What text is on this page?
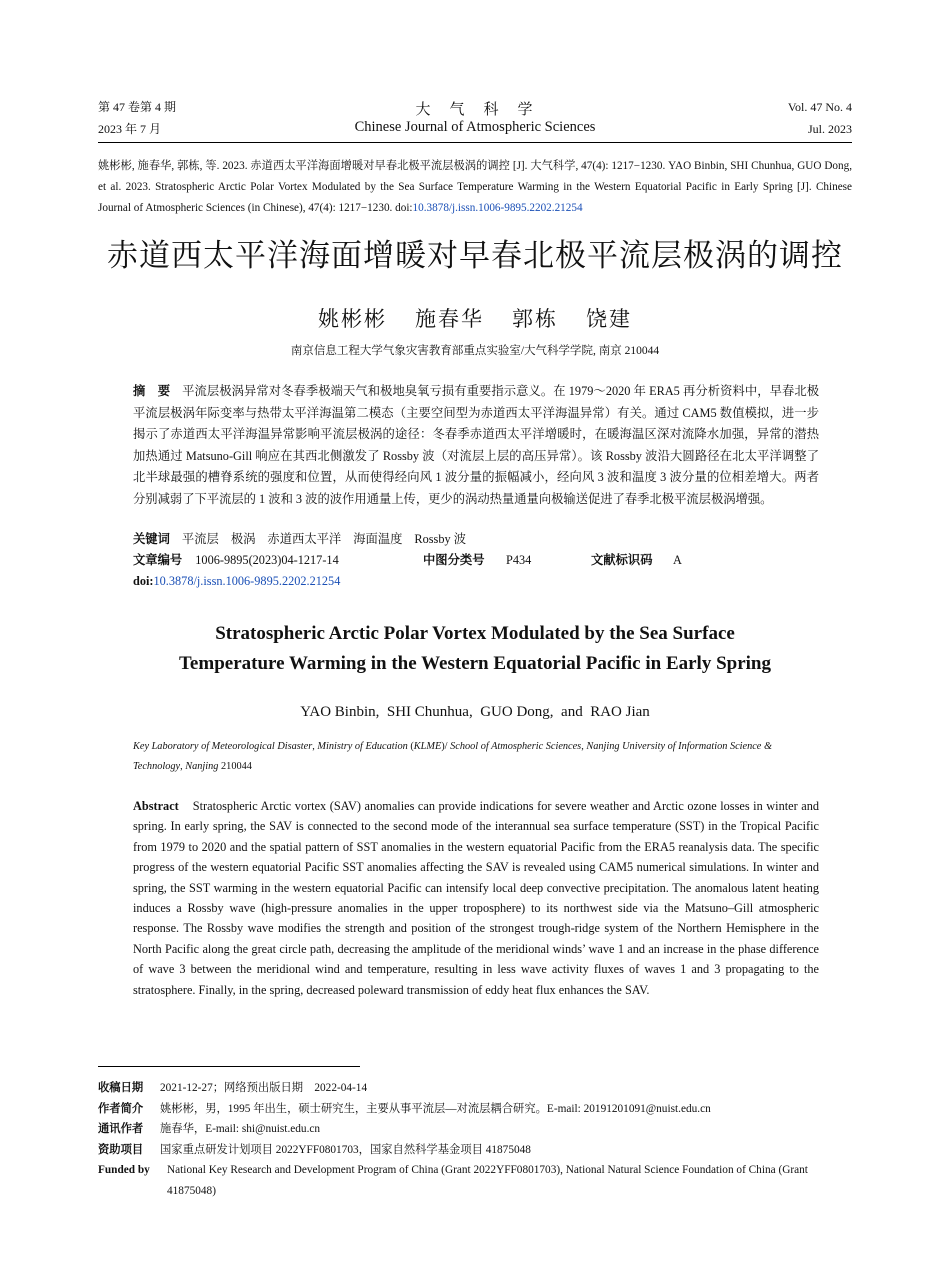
第 47 卷第 4 期
2023 年 7 月
大　气　科　学
Chinese Journal of Atmospheric Sciences
Vol. 47 No. 4
Jul. 2023
姚彬彬, 施春华, 郭栋, 等. 2023. 赤道西太平洋海面增暖对早春北极平流层极涡的调控 [J]. 大气科学, 47(4): 1217−1230. YAO Binbin, SHI Chunhua, GUO Dong, et al. 2023. Stratospheric Arctic Polar Vortex Modulated by the Sea Surface Temperature Warming in the Western Equatorial Pacific in Early Spring [J]. Chinese Journal of Atmospheric Sciences (in Chinese), 47(4): 1217−1230. doi:10.3878/j.issn.1006-9895.2202.21254
赤道西太平洋海面增暖对早春北极平流层极涡的调控
姚彬彬 施春华 郭栋 饶建
南京信息工程大学气象灾害教育部重点实验室/大气科学学院, 南京 210044
摘　要 平流层极涡异常对冬春季极端天气和极地臭氧亏损有重要指示意义。在 1979～2020 年 ERA5 再分析资料中，早春北极平流层极涡年际变率与热带太平洋海温第二模态（主要空间型为赤道西太平洋海温异常）有关。通过 CAM5 数值模拟，进一步揭示了赤道西太平洋海温异常影响平流层极涡的途径：冬春季赤道西太平洋增暖时，在暖海温区深对流降水加强，异常的潜热加热通过 Matsuno-Gill 响应在其西北侧激发了 Rossby 波（对流层上层的高压异常）。该 Rossby 波沿大圆路径在北太平洋调整了北半球最强的槽脊系统的强度和位置，从而使得经向风 1 波分量的振幅减小，经向风 3 波和温度 3 波分量的位相差增大。两者分别减弱了下平流层的 1 波和 3 波的波作用通量上传，更少的涡动热量通量向极输送促进了春季北极平流层极涡增强。
关键词 平流层 极涡 赤道西太平洋 海面温度 Rossby 波
文章编号 1006-9895(2023)04-1217-14	中图分类号 P434	文献标识码 A
doi:10.3878/j.issn.1006-9895.2202.21254
Stratospheric Arctic Polar Vortex Modulated by the Sea Surface
Temperature Warming in the Western Equatorial Pacific in Early Spring
YAO Binbin,  SHI Chunhua,  GUO Dong,  and  RAO Jian
Key Laboratory of Meteorological Disaster, Ministry of Education (KLME)/ School of Atmospheric Sciences, Nanjing University of Information Science & Technology, Nanjing 210044
Abstract Stratospheric Arctic vortex (SAV) anomalies can provide indications for severe weather and Arctic ozone losses in winter and spring. In early spring, the SAV is connected to the second mode of the interannual sea surface temperature (SST) in the Tropical Pacific from 1979 to 2020 and the spatial pattern of SST anomalies in the western equatorial Pacific from the ERA5 reanalysis data. The specific progress of the western equatorial Pacific SST anomalies affecting the SAV is revealed using CAM5 numerical simulations. In winter and spring, the SST warming in the western equatorial Pacific can intensify local deep convective precipitation. The anomalous latent heating induces a Rossby wave (high-pressure anomalies in the upper troposphere) to its northwest side via the Matsuno–Gill atmospheric response. The Rossby wave modifies the strength and position of the strongest trough-ridge system of the Northern Hemisphere in the North Pacific along the great circle path, decreasing the amplitude of the meridional winds’ wave 1 and an increase in the phase difference of wave 3 between the meridional wind and temperature, resulting in less wave activity fluxes of waves 1 and 3 propagating to the stratosphere. Finally, in the spring, decreased poleward transmission of eddy heat flux enhances the SAV.
收稿日期 2021-12-27；网络预出版日期　2022-04-14
作者简介 姚彬彬，男，1995 年出生，硕士研究生，主要从事平流层—对流层耦合研究。E-mail: 20191201091@nuist.edu.cn
通讯作者 施春华，E-mail: shi@nuist.edu.cn
资助项目 国家重点研发计划项目 2022YFF0801703，国家自然科学基金项目 41875048
Funded by National Key Research and Development Program of China (Grant 2022YFF0801703), National Natural Science Foundation of China (Grant 41875048)
